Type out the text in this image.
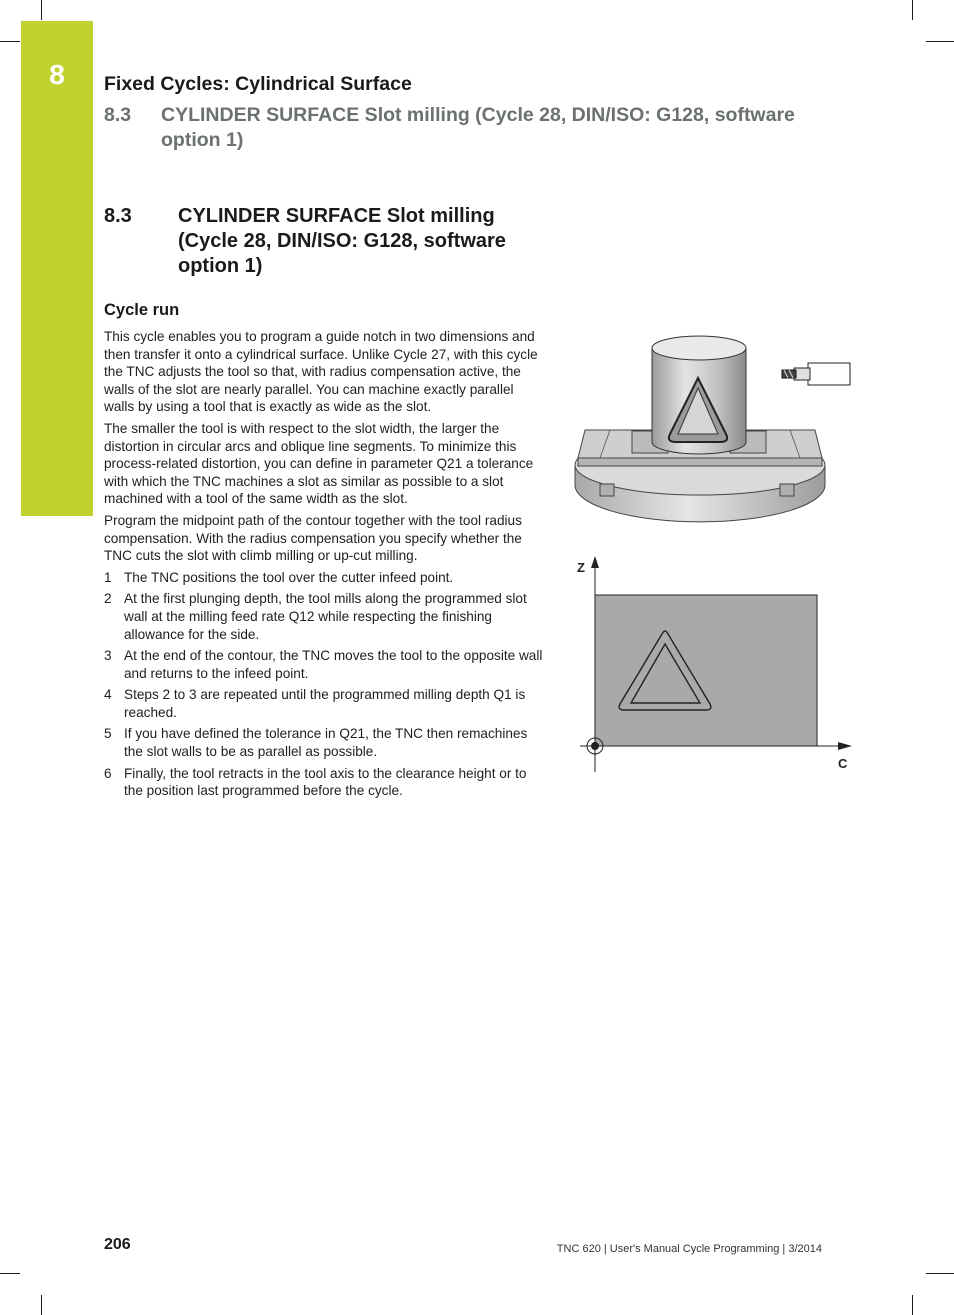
8	Fixed Cycles: Cylindrical Surface
8.3 CYLINDER SURFACE Slot milling (Cycle 28, DIN/ISO: G128, software option 1)
8.3 CYLINDER SURFACE Slot milling (Cycle 28, DIN/ISO: G128, software option 1)
Cycle run

This cycle enables you to program a guide notch in two dimensions and then transfer it onto a cylindrical surface. Unlike Cycle 27, with this cycle the TNC adjusts the tool so that, with radius compensation active, the walls of the slot are nearly parallel. You can machine exactly parallel walls by using a tool that is exactly as wide as the slot.

The smaller the tool is with respect to the slot width, the larger the distortion in circular arcs and oblique line segments. To minimize this process-related distortion, you can define in parameter Q21 a tolerance with which the TNC machines a slot as similar as possible to a slot machined with a tool of the same width as the slot.

Program the midpoint path of the contour together with the tool radius compensation. With the radius compensation you specify whether the TNC cuts the slot with climb milling or up-cut milling.

1 The TNC positions the tool over the cutter infeed point.
2 At the first plunging depth, the tool mills along the programmed slot wall at the milling feed rate Q12 while respecting the finishing allowance for the side.
3 At the end of the contour, the TNC moves the tool to the opposite wall and returns to the infeed point.
4 Steps 2 to 3 are repeated until the programmed milling depth Q1 is reached.
5 If you have defined the tolerance in Q21, the TNC then remachines the slot walls to be as parallel as possible.
6 Finally, the tool retracts in the tool axis to the clearance height or to the position last programmed before the cycle.
Z
C
206	TNC 620 | User's Manual Cycle Programming | 3/2014
